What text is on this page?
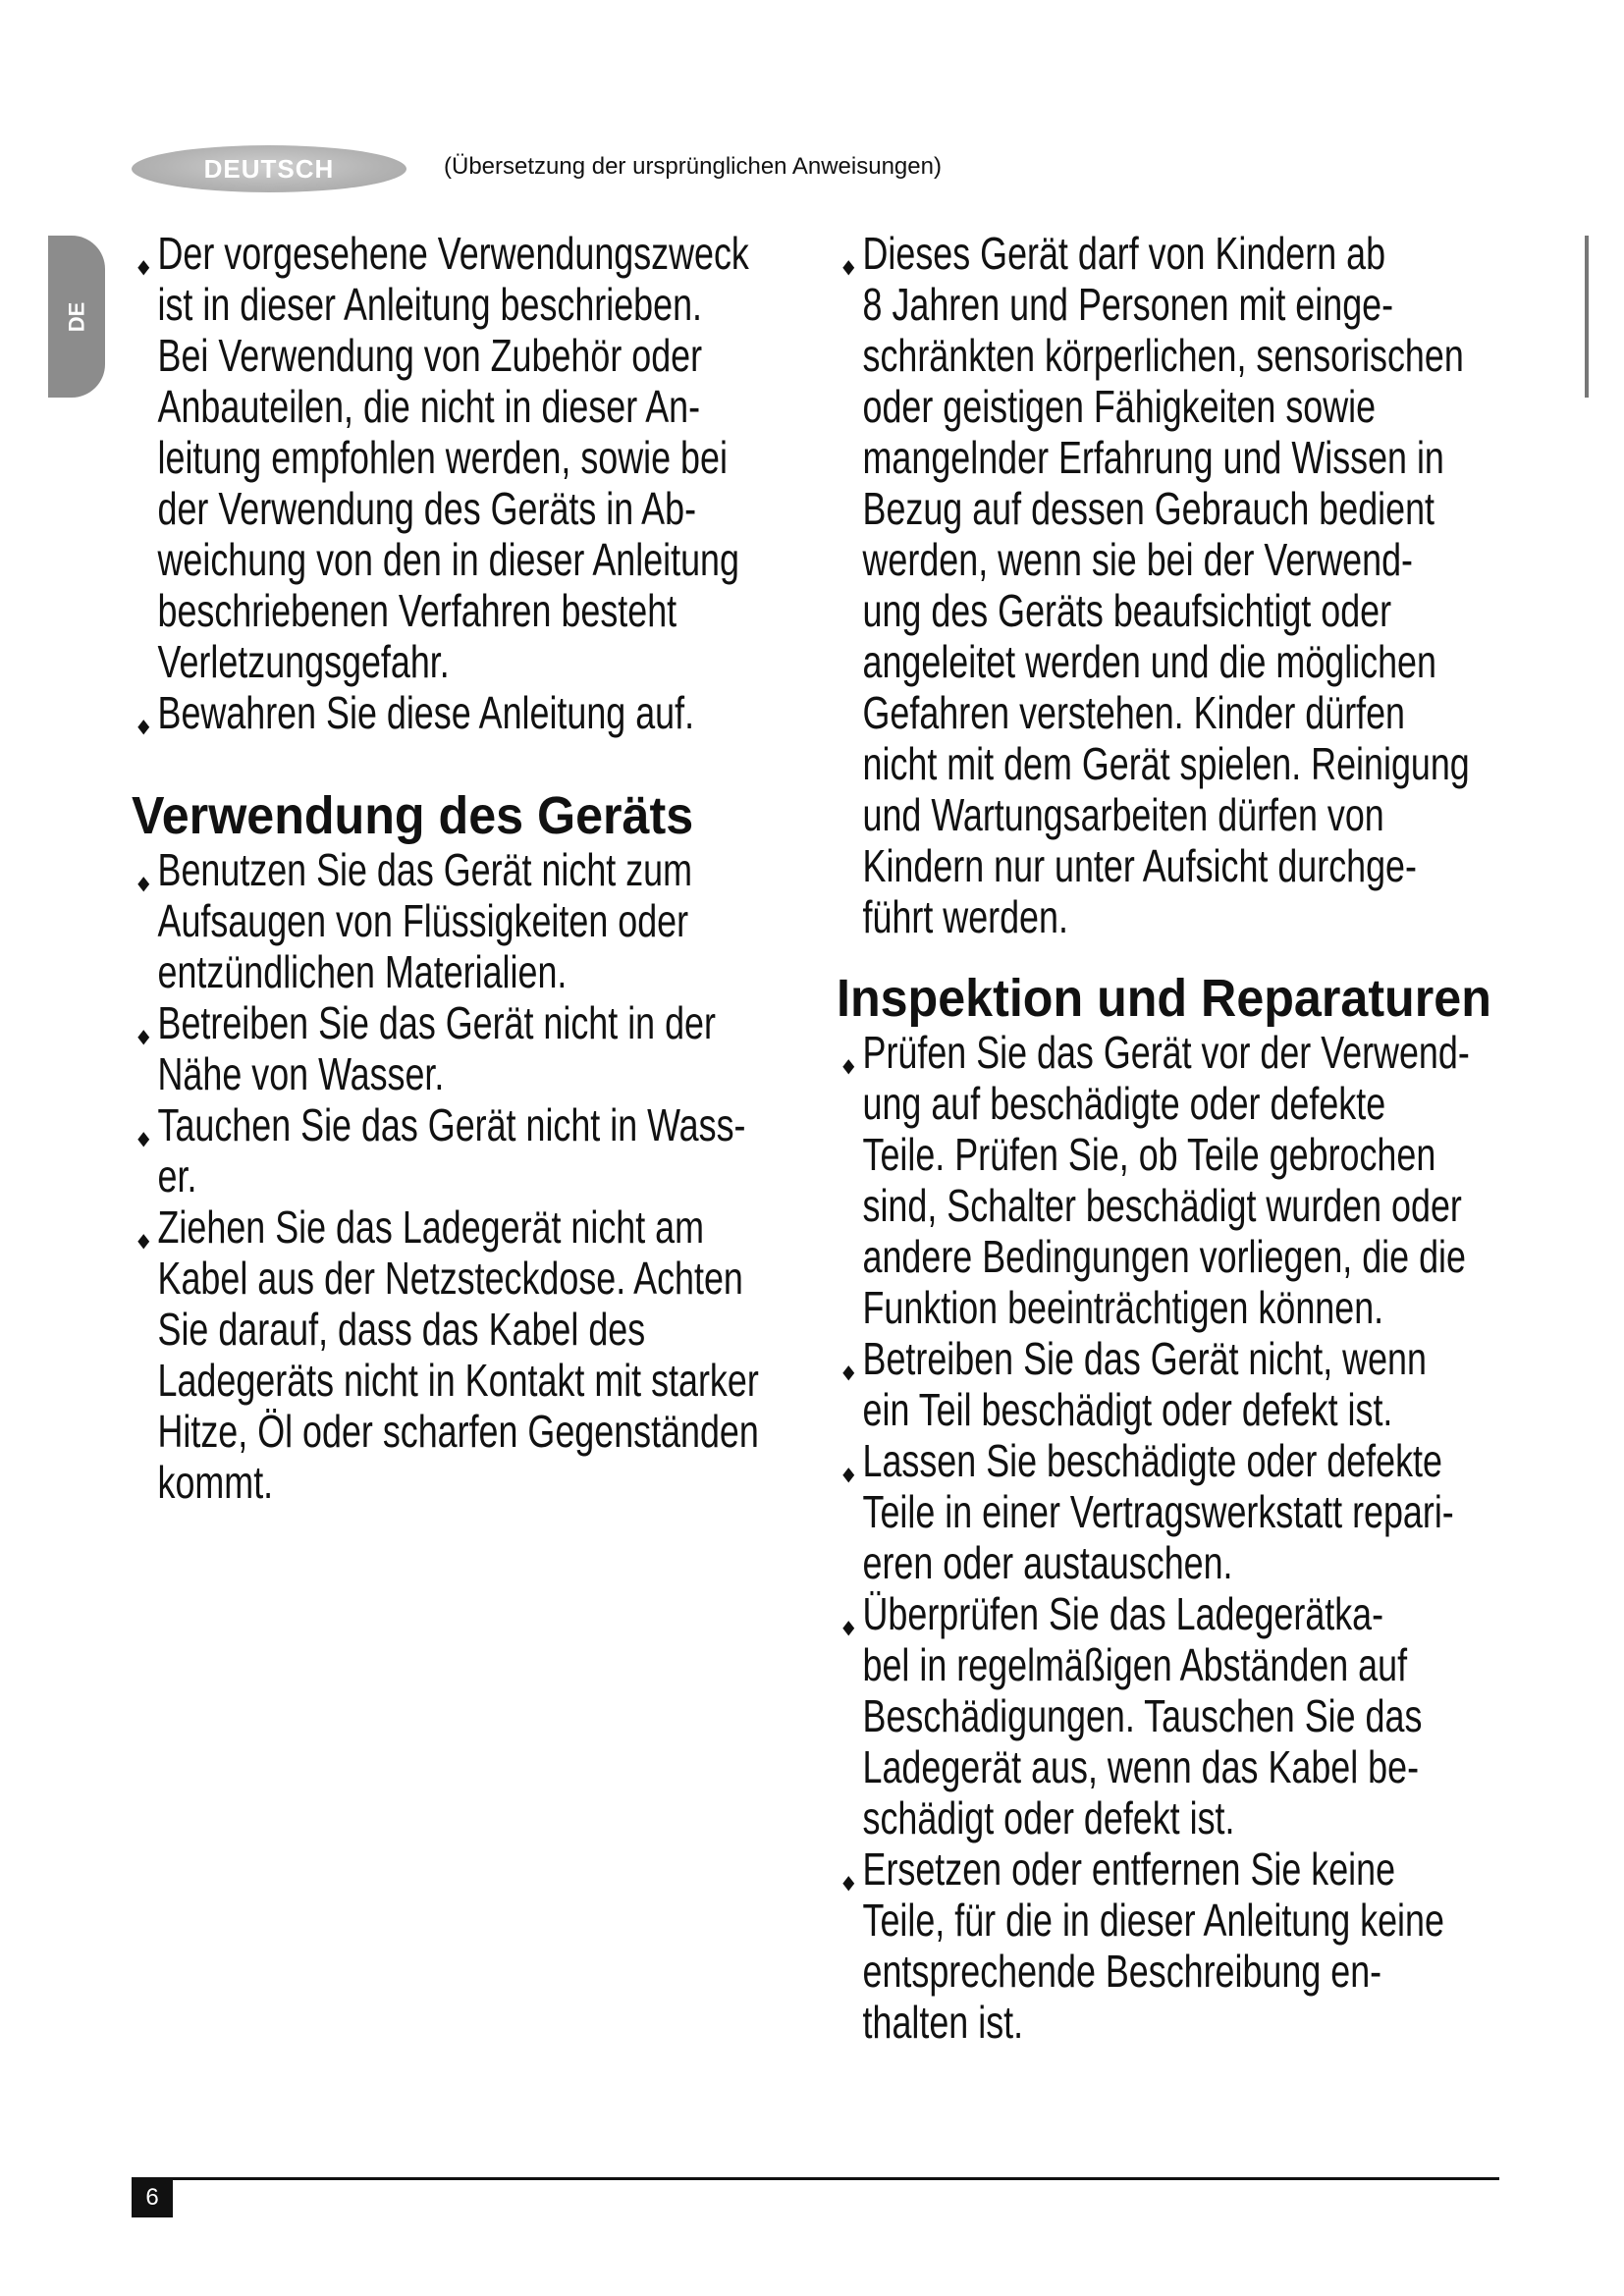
DEUTSCH	(Übersetzung der ursprünglichen Anweisungen)
DE
◆ Der vorgesehene Verwendungszweck
ist in dieser Anleitung beschrieben.
Bei Verwendung von Zubehör oder
Anbauteilen, die nicht in dieser An-
leitung empfohlen werden, sowie bei
der Verwendung des Geräts in Ab-
weichung von den in dieser Anleitung
beschriebenen Verfahren besteht
Verletzungsgefahr.
◆ Bewahren Sie diese Anleitung auf.
Verwendung des Geräts
◆ Benutzen Sie das Gerät nicht zum
Aufsaugen von Flüssigkeiten oder
entzündlichen Materialien.
◆ Betreiben Sie das Gerät nicht in der
Nähe von Wasser.
◆ Tauchen Sie das Gerät nicht in Wass-
er.
◆ Ziehen Sie das Ladegerät nicht am
Kabel aus der Netzsteckdose. Achten
Sie darauf, dass das Kabel des
Ladegeräts nicht in Kontakt mit starker
Hitze, Öl oder scharfen Gegenständen
kommt.
◆ Dieses Gerät darf von Kindern ab
8 Jahren und Personen mit einge-
schränkten körperlichen, sensorischen
oder geistigen Fähigkeiten sowie
mangelnder Erfahrung und Wissen in
Bezug auf dessen Gebrauch bedient
werden, wenn sie bei der Verwend-
ung des Geräts beaufsichtigt oder
angeleitet werden und die möglichen
Gefahren verstehen. Kinder dürfen
nicht mit dem Gerät spielen. Reinigung
und Wartungsarbeiten dürfen von
Kindern nur unter Aufsicht durchge-
führt werden.
Inspektion und Reparaturen
◆ Prüfen Sie das Gerät vor der Verwend-
ung auf beschädigte oder defekte
Teile. Prüfen Sie, ob Teile gebrochen
sind, Schalter beschädigt wurden oder
andere Bedingungen vorliegen, die die
Funktion beeinträchtigen können.
◆ Betreiben Sie das Gerät nicht, wenn
ein Teil beschädigt oder defekt ist.
◆ Lassen Sie beschädigte oder defekte
Teile in einer Vertragswerkstatt repari-
eren oder austauschen.
◆ Überprüfen Sie das Ladegerätka-
bel in regelmäßigen Abständen auf
Beschädigungen. Tauschen Sie das
Ladegerät aus, wenn das Kabel be-
schädigt oder defekt ist.
◆ Ersetzen oder entfernen Sie keine
Teile, für die in dieser Anleitung keine
entsprechende Beschreibung en-
thalten ist.
6
